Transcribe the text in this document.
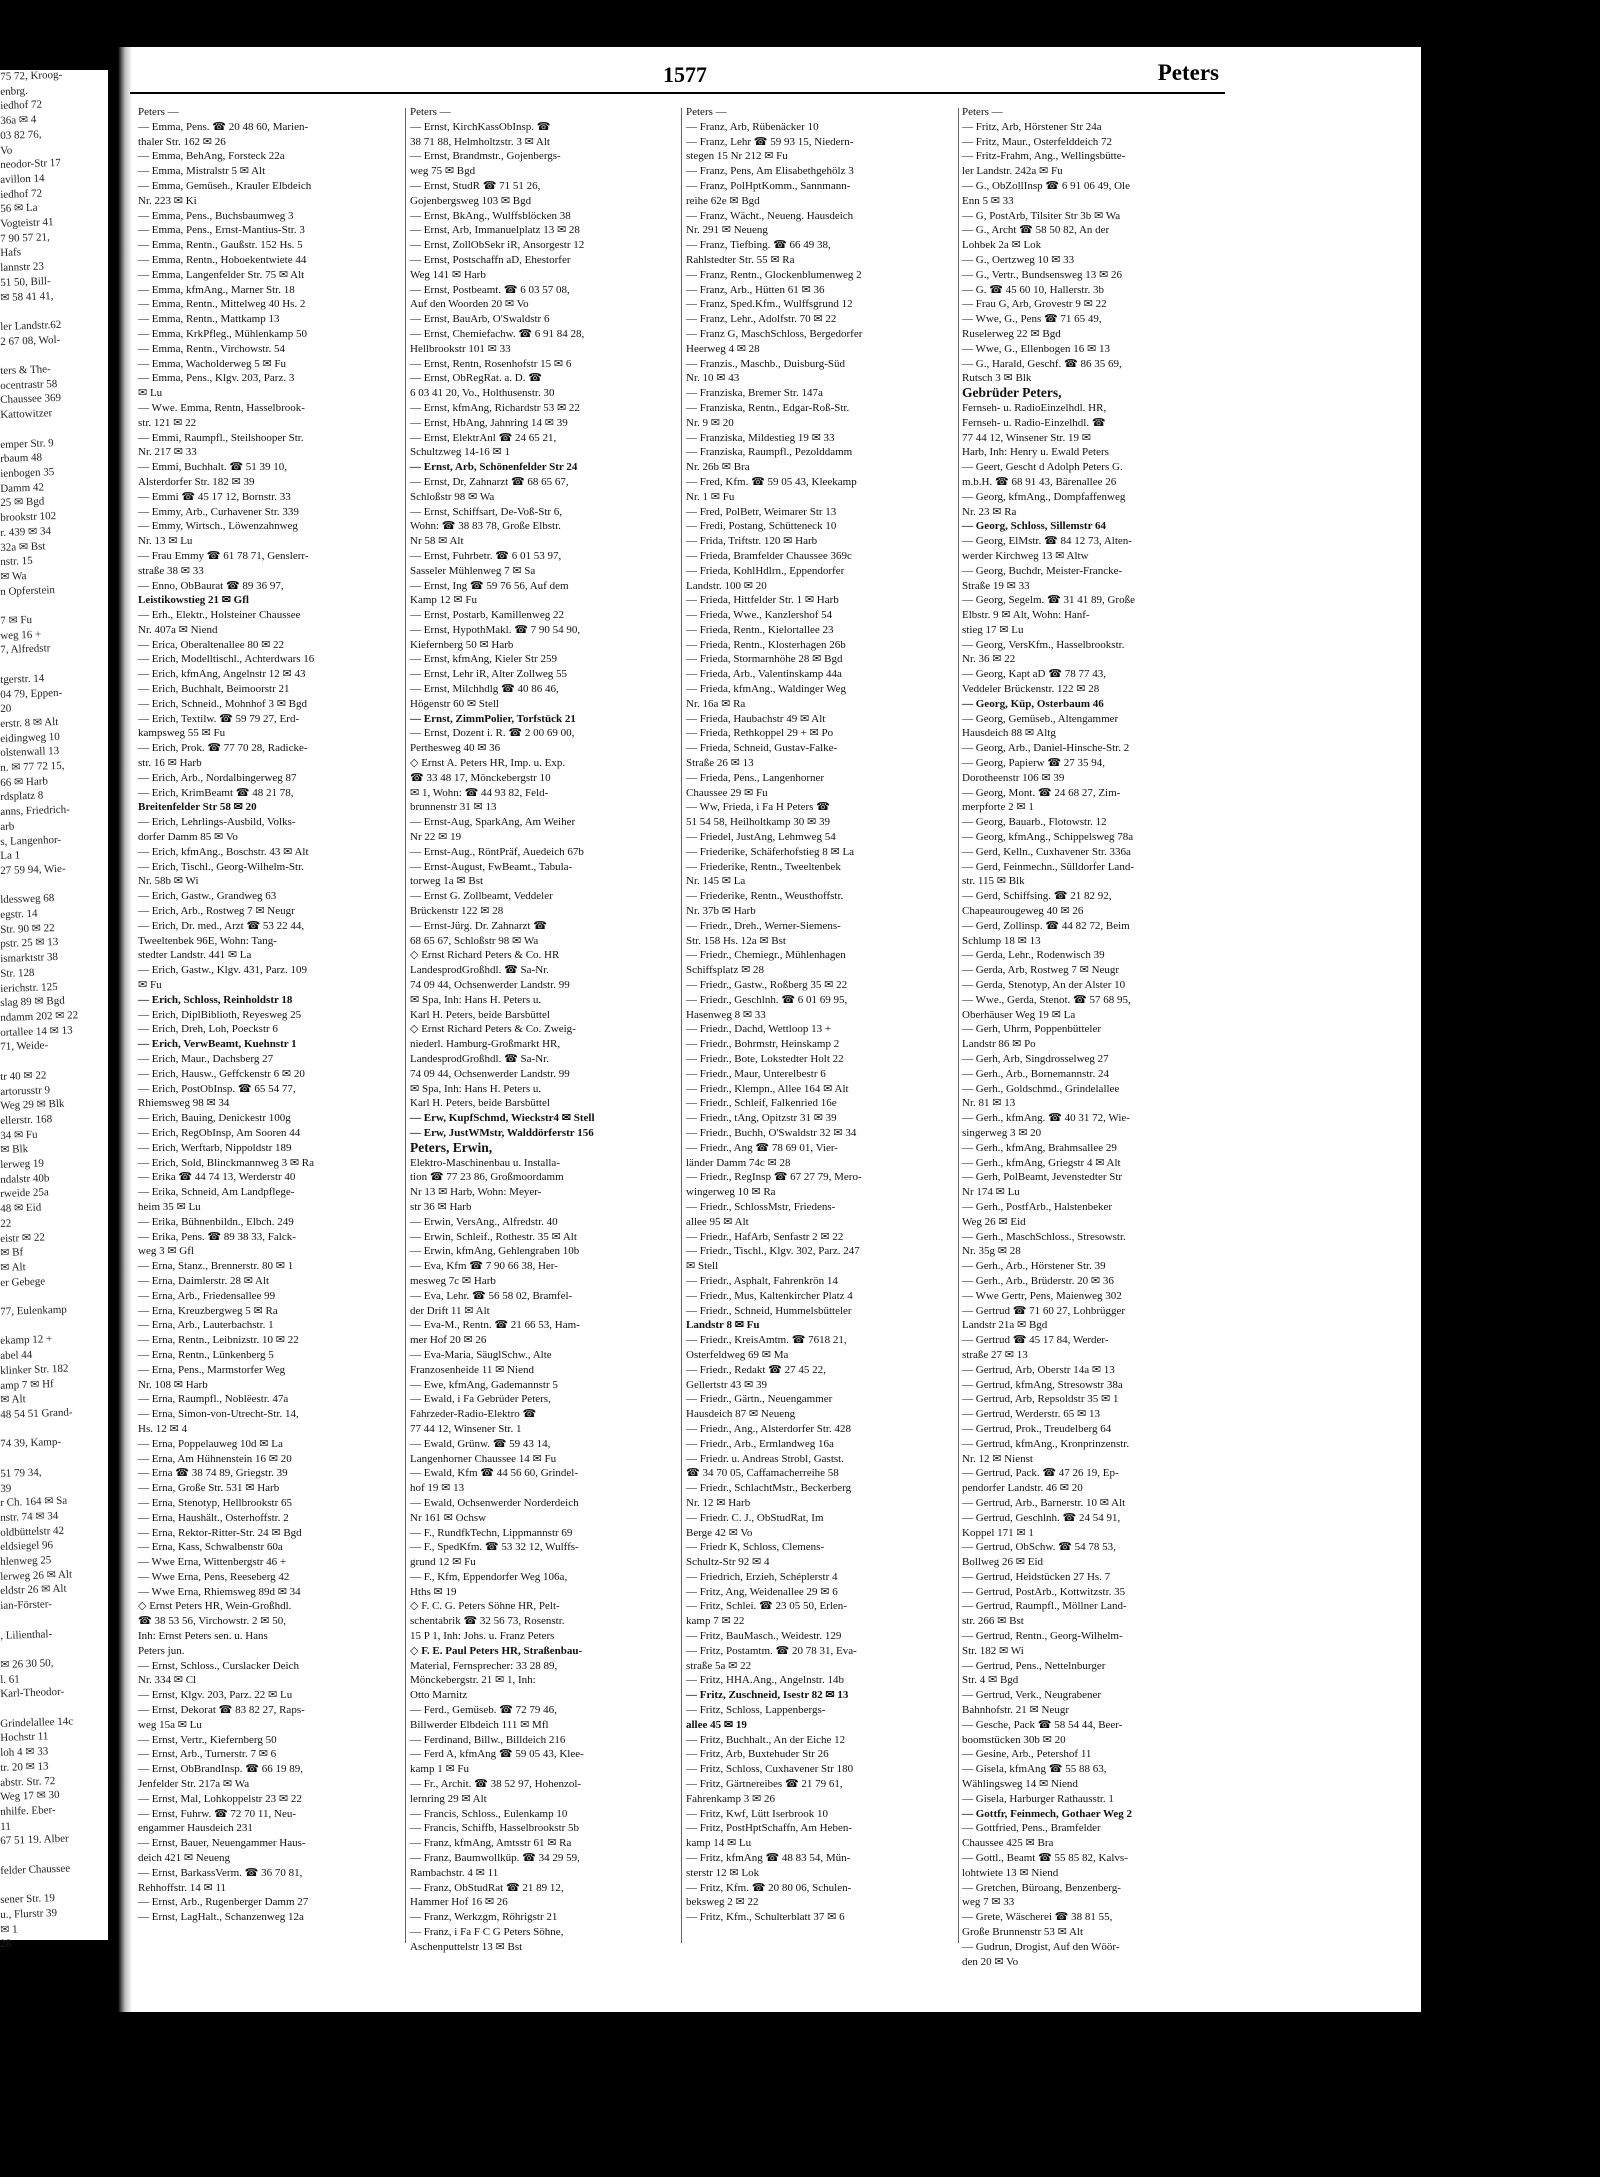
75 72, Kroog-
enbrg.
iedhof 72
36a ✉ 4
03 82 76,
Vo
neodor-Str 17
avillon 14
iedhof 72
56 ✉ La
Vogteistr 41
7 90 57 21,
Hafs
lannstr 23
51 50, Bill-
✉ 58 41 41,

ler Landstr.62
2 67 08, Wol-

ters & The-
ocentrastr 58
Chaussee 369
Kattowitzer

emper Str. 9
rbaum 48
ienbogen 35
Damm 42
25 ✉ Bgd
brookstr 102
r. 439 ✉ 34
32a ✉ Bst
nstr. 15
✉ Wa
n Opferstein

7 ✉ Fu
weg 16 +
7, Alfredstr

tgerstr. 14
04 79, Eppen-
20
erstr. 8 ✉ Alt
eidingweg 10
olstenwall 13
n. ✉ 77 72 15,
66 ✉ Harb
rdsplatz 8
anns, Friedrich-
arb
s, Langenhor-
La 1
27 59 94, Wie-

ldessweg 68
egstr. 14
Str. 90 ✉ 22
pstr. 25 ✉ 13
ismarktstr 38
Str. 128
ierichstr. 125
slag 89 ✉ Bgd
ndamm 202 ✉ 22
ortallee 14 ✉ 13
71, Weide-

tr 40 ✉ 22
artorusstr 9
Weg 29 ✉ Blk
ellerstr. 168
34 ✉ Fu
✉ Blk
lerweg 19
ndalstr 40b
rweide 25a
48 ✉ Eid
22
eistr ✉ 22
✉ Bf
✉ Alt
er Gebege

77, Eulenkamp

ekamp 12 +
abel 44
klinker Str. 182
amp 7 ✉ Hf
✉ Alt
48 54 51 Grand-

74 39, Kamp-

51 79 34,
39
r Ch. 164 ✉ Sa
nstr. 74 ✉ 34
oldbüttelstr 42
eldsiegel 96
hlenweg 25
lerweg 26 ✉ Alt
eldstr 26 ✉ Alt
ian-Förster-

, Lilienthal-

✉ 26 30 50,
l. 61
Karl-Theodor-

Grindelallee 14c
Hochstr 11
loh 4 ✉ 33
tr. 20 ✉ 13
abstr. Str. 72
Weg 17 ✉ 30
nhilfe. Eber-
11
67 51 19. Alber

felder Chaussee

sener Str. 19
u., Flurstr 39
✉ 1
28
1577	Peters
Peters —
— Emma, Pens. ☎ 20 48 60, Marien-
thaler Str. 162 ✉ 26
— Emma, BehAng, Forsteck 22a
— Emma, Mistralstr 5 ✉ Alt
— Emma, Gemüseh., Krauler Elbdeich
Nr. 223 ✉ Ki
— Emma, Pens., Buchsbaumweg 3
— Emma, Pens., Ernst-Mantius-Str. 3
— Emma, Rentn., Gaußstr. 152 Hs. 5
— Emma, Rentn., Hoboekentwiete 44
— Emma, Langenfelder Str. 75 ✉ Alt
— Emma, kfmAng., Marner Str. 18
— Emma, Rentn., Mittelweg 40 Hs. 2
— Emma, Rentn., Mattkamp 13
— Emma, KrkPfleg., Mühlenkamp 50
— Emma, Rentn., Virchowstr. 54
— Emma, Wacholderweg 5 ✉ Fu
— Emma, Pens., Klgv. 203, Parz. 3
✉ Lu
— Wwe. Emma, Rentn, Hasselbrook-
str. 121 ✉ 22
— Emmi, Raumpfl., Steilshooper Str.
Nr. 217 ✉ 33
— Emmi, Buchhalt. ☎ 51 39 10,
Alsterdorfer Str. 182 ✉ 39
— Emmi ☎ 45 17 12, Bornstr. 33
— Emmy, Arb., Curhavener Str. 339
— Emmy, Wirtsch., Löwenzahnweg
Nr. 13 ✉ Lu
— Frau Emmy ☎ 61 78 71, Genslerr-
straße 38 ✉ 33
— Enno, ObBaurat ☎ 89 36 97,
Leistikowstieg 21 ✉ Gfl
— Erh., Elektr., Holsteiner Chaussee
Nr. 407a ✉ Niend
— Erica, Oberaltenallee 80 ✉ 22
— Erich, Modelltischl., Achterdwars 16
— Erich, kfmAng, Angelnstr 12 ✉ 43
— Erich, Buchhalt, Beimoorstr 21
— Erich, Schneid., Mohnhof 3 ✉ Bgd
— Erich, Textilw. ☎ 59 79 27, Erd-
kampsweg 55 ✉ Fu
— Erich, Prok. ☎ 77 70 28, Radicke-
str. 16 ✉ Harb
— Erich, Arb., Nordalbingerweg 87
— Erich, KrimBeamt ☎ 48 21 78,
Breitenfelder Str 58 ✉ 20
— Erich, Lehrlings-Ausbild, Volks-
dorfer Damm 85 ✉ Vo
— Erich, kfmAng., Boschstr. 43 ✉ Alt
— Erich, Tischl., Georg-Wilhelm-Str.
Nr. 58b ✉ Wi
— Erich, Gastw., Grandweg 63
— Erich, Arb., Rostweg 7 ✉ Neugr
— Erich, Dr. med., Arzt ☎ 53 22 44,
Tweeltenbek 96E, Wohn: Tang-
stedter Landstr. 441 ✉ La
— Erich, Gastw., Klgv. 431, Parz. 109
✉ Fu
— Erich, Schloss, Reinholdstr 18
— Erich, DiplBiblioth, Reyesweg 25
— Erich, Dreh, Loh, Poeckstr 6
— Erich, VerwBeamt, Kuehnstr 1
— Erich, Maur., Dachsberg 27
— Erich, Hausw., Geffckenstr 6 ✉ 20
— Erich, PostObInsp. ☎ 65 54 77,
Rhiemsweg 98 ✉ 34
— Erich, Bauing, Denickestr 100g
— Erich, RegObInsp, Am Sooren 44
— Erich, Werftarb, Nippoldstr 189
— Erich, Sold, Blinckmannweg 3 ✉ Ra
— Erika ☎ 44 74 13, Werderstr 40
— Erika, Schneid, Am Landpflege-
heim 35 ✉ Lu
— Erika, Bühnenbildn., Elbch. 249
— Erika, Pens. ☎ 89 38 33, Falck-
weg 3 ✉ Gfl
— Erna, Stanz., Brennerstr. 80 ✉ 1
— Erna, Daimlerstr. 28 ✉ Alt
— Erna, Arb., Friedensallee 99
— Erna, Kreuzbergweg 5 ✉ Ra
— Erna, Arb., Lauterbachstr. 1
— Erna, Rentn., Leibnizstr. 10 ✉ 22
— Erna, Rentn., Lünkenberg 5
— Erna, Pens., Marmstorfer Weg
Nr. 108 ✉ Harb
— Erna, Raumpfl., Noblëestr. 47a
— Erna, Simon-von-Utrecht-Str. 14,
Hs. 12 ✉ 4
— Erna, Poppelauweg 10d ✉ La
— Erna, Am Hühnenstein 16 ✉ 20
— Erna ☎ 38 74 89, Griegstr. 39
— Erna, Große Str. 531 ✉ Harb
— Erna, Stenotyp, Hellbrookstr 65
— Erna, Haushält., Osterhoffstr. 2
— Erna, Rektor-Ritter-Str. 24 ✉ Bgd
— Erna, Kass, Schwalbenstr 60a
— Wwe Erna, Wittenbergstr 46 +
— Wwe Erna, Pens, Reeseberg 42
— Wwe Erna, Rhiemsweg 89d ✉ 34
◇ Ernst Peters HR, Wein-Großhdl.
☎ 38 53 56, Virchowstr. 2 ✉ 50,
Inh: Ernst Peters sen. u. Hans
Peters jun.
— Ernst, Schloss., Curslacker Deich
Nr. 334 ✉ Cl
— Ernst, Klgv. 203, Parz. 22 ✉ Lu
— Ernst, Dekorat ☎ 83 82 27, Raps-
weg 15a ✉ Lu
— Ernst, Vertr., Kiefernberg 50
— Ernst, Arb., Turnerstr. 7 ✉ 6
— Ernst, ObBrandInsp. ☎ 66 19 89,
Jenfelder Str. 217a ✉ Wa
— Ernst, Mal, Lohkoppelstr 23 ✉ 22
— Ernst, Fuhrw. ☎ 72 70 11, Neu-
engammer Hausdeich 231
— Ernst, Bauer, Neuengammer Haus-
deich 421 ✉ Neueng
— Ernst, BarkassVerm. ☎ 36 70 81,
Rehhoffstr. 14 ✉ 11
— Ernst, Arb., Rugenberger Damm 27
— Ernst, LagHalt., Schanzenweg 12a
Peters —
— Ernst, KirchKassObInsp. ☎
38 71 88, Helmholtzstr. 3 ✉ Alt
— Ernst, Brandmstr., Gojenbergs-
weg 75 ✉ Bgd
— Ernst, StudR ☎ 71 51 26,
Gojenbergsweg 103 ✉ Bgd
— Ernst, BkAng., Wulffsblöcken 38
— Ernst, Arb, Immanuelplatz 13 ✉ 28
— Ernst, ZollObSekr iR, Ansorgestr 12
— Ernst, Postschaffn aD, Ehestorfer
Weg 141 ✉ Harb
— Ernst, Postbeamt. ☎ 6 03 57 08,
Auf den Woorden 20 ✉ Vo
— Ernst, BauArb, O'Swaldstr 6
— Ernst, Chemiefachw. ☎ 6 91 84 28,
Hellbrookstr 101 ✉ 33
— Ernst, Rentn, Rosenhofstr 15 ✉ 6
— Ernst, ObRegRat. a. D. ☎
6 03 41 20, Vo., Holthusenstr. 30
— Ernst, kfmAng, Richardstr 53 ✉ 22
— Ernst, HbAng, Jahnring 14 ✉ 39
— Ernst, ElektrAnl ☎ 24 65 21,
Schultzweg 14-16 ✉ 1
— Ernst, Arb, Schönenfelder Str 24
— Ernst, Dr, Zahnarzt ☎ 68 65 67,
Schloßstr 98 ✉ Wa
— Ernst, Schiffsart, De-Voß-Str 6,
Wohn: ☎ 38 83 78, Große Elbstr.
Nr 58 ✉ Alt
— Ernst, Fuhrbetr. ☎ 6 01 53 97,
Sasseler Mühlenweg 7 ✉ Sa
— Ernst, Ing ☎ 59 76 56, Auf dem
Kamp 12 ✉ Fu
— Ernst, Postarb, Kamillenweg 22
— Ernst, HypothMakl. ☎ 7 90 54 90,
Kiefernberg 50 ✉ Harb
— Ernst, kfmAng, Kieler Str 259
— Ernst, Lehr iR, Alter Zollweg 55
— Ernst, Milchhdlg ☎ 40 86 46,
Högenstr 60 ✉ Stell
— Ernst, ZimmPolier, Torfstück 21
— Ernst, Dozent i. R. ☎ 2 00 69 00,
Perthesweg 40 ✉ 36
◇ Ernst A. Peters HR, Imp. u. Exp.
☎ 33 48 17, Mönckebergstr 10
✉ 1, Wohn: ☎ 44 93 82, Feld-
brunnenstr 31 ✉ 13
— Ernst-Aug, SparkAng, Am Weiher
Nr 22 ✉ 19
— Ernst-Aug., RöntPräf, Auedeich 67b
— Ernst-August, FwBeamt., Tabula-
torweg 1a ✉ Bst
— Ernst G. Zollbeamt, Veddeler
Brückenstr 122 ✉ 28
— Ernst-Jürg. Dr. Zahnarzt ☎
68 65 67, Schloßstr 98 ✉ Wa
◇ Ernst Richard Peters & Co. HR
LandesprodGroßhdl. ☎ Sa-Nr.
74 09 44, Ochsenwerder Landstr. 99
✉ Spa, Inh: Hans H. Peters u.
Karl H. Peters, beide Barsbüttel
◇ Ernst Richard Peters & Co. Zweig-
niederl. Hamburg-Großmarkt HR,
LandesprodGroßhdl. ☎ Sa-Nr.
74 09 44, Ochsenwerder Landstr. 99
✉ Spa, Inh: Hans H. Peters u.
Karl H. Peters, beide Barsbüttel
— Erw, KupfSchmd, Wieckstr4 ✉ Stell
— Erw, JustWMstr, Walddörferstr 156
Peters, Erwin,
Elektro-Maschinenbau u. Installa-
tion ☎ 77 23 86, Großmoordamm
Nr 13 ✉ Harb, Wohn: Meyer-
str 36 ✉ Harb
— Erwin, VersAng., Alfredstr. 40
— Erwin, Schleif., Rothestr. 35 ✉ Alt
— Erwin, kfmAng, Gehlengraben 10b
— Eva, Kfm ☎ 7 90 66 38, Her-
mesweg 7c ✉ Harb
— Eva, Lehr. ☎ 56 58 02, Bramfel-
der Drift 11 ✉ Alt
— Eva-M., Rentn. ☎ 21 66 53, Ham-
mer Hof 20 ✉ 26
— Eva-Maria, SäuglSchw., Alte
Franzosenheide 11 ✉ Niend
— Ewe, kfmAng, Gademannstr 5
— Ewald, i Fa Gebrüder Peters,
Fahrzeder-Radio-Elektro ☎
77 44 12, Winsener Str. 1
— Ewald, Grünw. ☎ 59 43 14,
Langenhorner Chaussee 14 ✉ Fu
— Ewald, Kfm ☎ 44 56 60, Grindel-
hof 19 ✉ 13
— Ewald, Ochsenwerder Norderdeich
Nr 161 ✉ Ochsw
— F., RundfkTechn, Lippmannstr 69
— F., SpedKfm. ☎ 53 32 12, Wulffs-
grund 12 ✉ Fu
— F., Kfm, Eppendorfer Weg 106a,
Hths ✉ 19
◇ F. C. G. Peters Söhne HR, Pelt-
schentabrik ☎ 32 56 73, Rosenstr.
15 P 1, Inh: Johs. u. Franz Peters
◇ F. E. Paul Peters HR, Straßenbau-
Material, Fernsprecher: 33 28 89,
Mönckebergstr. 21 ✉ 1, Inh:
Otto Marnitz
— Ferd., Gemüseb. ☎ 72 79 46,
Billwerder Elbdeich 111 ✉ Mfl
— Ferdinand, Billw., Billdeich 216
— Ferd A, kfmAng ☎ 59 05 43, Klee-
kamp 1 ✉ Fu
— Fr., Archit. ☎ 38 52 97, Hohenzol-
lernring 29 ✉ Alt
— Francis, Schloss., Eulenkamp 10
— Francis, Schiffb, Hasselbrookstr 5b
— Franz, kfmAng, Amtsstr 61 ✉ Ra
— Franz, Baumwollküp. ☎ 34 29 59,
Rambachstr. 4 ✉ 11
— Franz, ObStudRat ☎ 21 89 12,
Hammer Hof 16 ✉ 26
— Franz, Werkzgm, Röhrigstr 21
— Franz, i Fa F C G Peters Söhne,
Aschenputtelstr 13 ✉ Bst
Peters —
— Franz, Arb, Rübenäcker 10
— Franz, Lehr ☎ 59 93 15, Niedern-
stegen 15 Nr 212 ✉ Fu
— Franz, Pens, Am Elisabethgehölz 3
— Franz, PolHptKomm., Sannmann-
reihe 62e ✉ Bgd
— Franz, Wächt., Neueng. Hausdeich
Nr. 291 ✉ Neueng
— Franz, Tiefbing. ☎ 66 49 38,
Rahlstedter Str. 55 ✉ Ra
— Franz, Rentn., Glockenblumenweg 2
— Franz, Arb., Hütten 61 ✉ 36
— Franz, Sped.Kfm., Wulffsgrund 12
— Franz, Lehr., Adolfstr. 70 ✉ 22
— Franz G, MaschSchloss, Bergedorfer
Heerweg 4 ✉ 28
— Franzis., Maschb., Duisburg-Süd
Nr. 10 ✉ 43
— Franziska, Bremer Str. 147a
— Franziska, Rentn., Edgar-Roß-Str.
Nr. 9 ✉ 20
— Franziska, Mildestieg 19 ✉ 33
— Franziska, Raumpfl., Pezolddamm
Nr. 26b ✉ Bra
— Fred, Kfm. ☎ 59 05 43, Kleekamp
Nr. 1 ✉ Fu
— Fred, PolBetr, Weimarer Str 13
— Fredi, Postang, Schütteneck 10
— Frida, Triftstr. 120 ✉ Harb
— Frieda, Bramfelder Chaussee 369c
— Frieda, KohlHdlrn., Eppendorfer
Landstr. 100 ✉ 20
— Frieda, Hittfelder Str. 1 ✉ Harb
— Frieda, Wwe., Kanzlershof 54
— Frieda, Rentn., Kielortallee 23
— Frieda, Rentn., Klosterhagen 26b
— Frieda, Stormarnhöhe 28 ✉ Bgd
— Frieda, Arb., Valentinskamp 44a
— Frieda, kfmAng., Waldinger Weg
Nr. 16a ✉ Ra
— Frieda, Haubachstr 49 ✉ Alt
— Frieda, Rethkoppel 29 + ✉ Po
— Frieda, Schneid, Gustav-Falke-
Straße 26 ✉ 13
— Frieda, Pens., Langenhorner
Chaussee 29 ✉ Fu
— Ww, Frieda, i Fa H Peters ☎
51 54 58, Heilholtkamp 30 ✉ 39
— Friedel, JustAng, Lehmweg 54
— Friederike, Schäferhofstieg 8 ✉ La
— Friederike, Rentn., Tweeltenbek
Nr. 145 ✉ La
— Friederike, Rentn., Weusthoffstr.
Nr. 37b ✉ Harb
— Friedr., Dreh., Werner-Siemens-
Str. 158 Hs. 12a ✉ Bst
— Friedr., Chemiegr., Mühlenhagen
Schiffsplatz ✉ 28
— Friedr., Gastw., Roßberg 35 ✉ 22
— Friedr., Geschlnh. ☎ 6 01 69 95,
Hasenweg 8 ✉ 33
— Friedr., Dachd, Wettloop 13 +
— Friedr., Bohrmstr, Heinskamp 2
— Friedr., Bote, Lokstedter Holt 22
— Friedr., Maur, Unterelbestr 6
— Friedr., Klempn., Allee 164 ✉ Alt
— Friedr., Schleif, Falkenried 16e
— Friedr., tAng, Opitzstr 31 ✉ 39
— Friedr., Buchh, O'Swaldstr 32 ✉ 34
— Friedr., Ang ☎ 78 69 01, Vier-
länder Damm 74c ✉ 28
— Friedr., RegInsp ☎ 67 27 79, Mero-
wingerweg 10 ✉ Ra
— Friedr., SchlossMstr, Friedens-
allee 95 ✉ Alt
— Friedr., HafArb, Senfastr 2 ✉ 22
— Friedr., Tischl., Klgv. 302, Parz. 247
✉ Stell
— Friedr., Asphalt, Fahrenkrön 14
— Friedr., Mus, Kaltenkircher Platz 4
— Friedr., Schneid, Hummelsbütteler
Landstr 8 ✉ Fu
— Friedr., KreisAmtm. ☎ 7618 21,
Osterfeldweg 69 ✉ Ma
— Friedr., Redakt ☎ 27 45 22,
Gellertstr 43 ✉ 39
— Friedr., Gärtn., Neuengammer
Hausdeich 87 ✉ Neueng
— Friedr., Ang., Alsterdorfer Str. 428
— Friedr., Arb., Ermlandweg 16a
— Friedr. u. Andreas Strobl, Gastst.
☎ 34 70 05, Caffamacherreihe 58
— Friedr., SchlachtMstr., Beckerberg
Nr. 12 ✉ Harb
— Friedr. C. J., ObStudRat, Im
Berge 42 ✉ Vo
— Friedr K, Schloss, Clemens-
Schultz-Str 92 ✉ 4
— Friedrich, Erzieh, Schéplerstr 4
— Fritz, Ang, Weidenallee 29 ✉ 6
— Fritz, Schlei. ☎ 23 05 50, Erlen-
kamp 7 ✉ 22
— Fritz, BauMasch., Weidestr. 129
— Fritz, Postamtm. ☎ 20 78 31, Eva-
straße 5a ✉ 22
— Fritz, HHA.Ang., Angelnstr. 14b
— Fritz, Zuschneid, Isestr 82 ✉ 13
— Fritz, Schloss, Lappenbergs-
allee 45 ✉ 19
— Fritz, Buchhalt., An der Eiche 12
— Fritz, Arb, Buxtehuder Str 26
— Fritz, Schloss, Cuxhavener Str 180
— Fritz, Gärtnereibes ☎ 21 79 61,
Fahrenkamp 3 ✉ 26
— Fritz, Kwf, Lütt Iserbrook 10
— Fritz, PostHptSchaffn, Am Heben-
kamp 14 ✉ Lu
— Fritz, kfmAng ☎ 48 83 54, Mün-
sterstr 12 ✉ Lok
— Fritz, Kfm. ☎ 20 80 06, Schulen-
beksweg 2 ✉ 22
— Fritz, Kfm., Schulterblatt 37 ✉ 6
Peters —
— Fritz, Arb, Hörstener Str 24a
— Fritz, Maur., Osterfelddeich 72
— Fritz-Frahm, Ang., Wellingsbütte-
ler Landstr. 242a ✉ Fu
— G., ObZollInsp ☎ 6 91 06 49, Ole
Enn 5 ✉ 33
— G, PostArb, Tilsiter Str 3b ✉ Wa
— G., Archt ☎ 58 50 82, An der
Lohbek 2a ✉ Lok
— G., Oertzweg 10 ✉ 33
— G., Vertr., Bundsensweg 13 ✉ 26
— G. ☎ 45 60 10, Hallerstr. 3b
— Frau G, Arb, Grovestr 9 ✉ 22
— Wwe, G., Pens ☎ 71 65 49,
Ruselerweg 22 ✉ Bgd
— Wwe, G., Ellenbogen 16 ✉ 13
— G., Harald, Geschf. ☎ 86 35 69,
Rutsch 3 ✉ Blk
Gebrüder Peters,
Fernseh- u. RadioEinzelhdl. HR,
Fernseh- u. Radio-Einzelhdl. ☎
77 44 12, Winsener Str. 19 ✉
Harb, Inh: Henry u. Ewald Peters
— Geert, Gescht d Adolph Peters G.
m.b.H. ☎ 68 91 43, Bärenallee 26
— Georg, kfmAng., Dompfaffenweg
Nr. 23 ✉ Ra
— Georg, Schloss, Sillemstr 64
— Georg, ElMstr. ☎ 84 12 73, Alten-
werder Kirchweg 13 ✉ Altw
— Georg, Buchdr, Meister-Francke-
Straße 19 ✉ 33
— Georg, Segelm. ☎ 31 41 89, Große
Elbstr. 9 ✉ Alt, Wohn: Hanf-
stieg 17 ✉ Lu
— Georg, VersKfm., Hasselbrookstr.
Nr. 36 ✉ 22
— Georg, Kapt aD ☎ 78 77 43,
Veddeler Brückenstr. 122 ✉ 28
— Georg, Küp, Osterbaum 46
— Georg, Gemüseb., Altengammer
Hausdeich 88 ✉ Altg
— Georg, Arb., Daniel-Hinsche-Str. 2
— Georg, Papierw ☎ 27 35 94,
Dorotheenstr 106 ✉ 39
— Georg, Mont. ☎ 24 68 27, Zim-
merpforte 2 ✉ 1
— Georg, Bauarb., Flotowstr. 12
— Georg, kfmAng., Schippelsweg 78a
— Gerd, Kelln., Cuxhavener Str. 336a
— Gerd, Feinmechn., Sülldorfer Land-
str. 115 ✉ Blk
— Gerd, Schiffsing. ☎ 21 82 92,
Chapeaurougeweg 40 ✉ 26
— Gerd, Zollinsp. ☎ 44 82 72, Beim
Schlump 18 ✉ 13
— Gerda, Lehr., Rodenwisch 39
— Gerda, Arb, Rostweg 7 ✉ Neugr
— Gerda, Stenotyp, An der Alster 10
— Wwe., Gerda, Stenot. ☎ 57 68 95,
Oberhäuser Weg 19 ✉ La
— Gerh, Uhrm, Poppenbütteler
Landstr 86 ✉ Po
— Gerh, Arb, Singdrosselweg 27
— Gerh., Arb., Bornemannstr. 24
— Gerh., Goldschmd., Grindelallee
Nr. 81 ✉ 13
— Gerh., kfmAng. ☎ 40 31 72, Wie-
singerweg 3 ✉ 20
— Gerh., kfmAng, Brahmsallee 29
— Gerh., kfmAng, Griegstr 4 ✉ Alt
— Gerh, PolBeamt, Jevenstedter Str
Nr 174 ✉ Lu
— Gerh., PostfArb., Halstenbeker
Weg 26 ✉ Eid
— Gerh., MaschSchloss., Stresowstr.
Nr. 35g ✉ 28
— Gerh., Arb., Hörstener Str. 39
— Gerh., Arb., Brüderstr. 20 ✉ 36
— Wwe Gertr, Pens, Maienweg 302
— Gertrud ☎ 71 60 27, Lohbrügger
Landstr 21a ✉ Bgd
— Gertrud ☎ 45 17 84, Werder-
straße 27 ✉ 13
— Gertrud, Arb, Oberstr 14a ✉ 13
— Gertrud, kfmAng, Stresowstr 38a
— Gertrud, Arb, Repsoldstr 35 ✉ 1
— Gertrud, Werderstr. 65 ✉ 13
— Gertrud, Prok., Treudelberg 64
— Gertrud, kfmAng., Kronprinzenstr.
Nr. 12 ✉ Nienst
— Gertrud, Pack. ☎ 47 26 19, Ep-
pendorfer Landstr. 46 ✉ 20
— Gertrud, Arb., Barnerstr. 10 ✉ Alt
— Gertrud, Geschlnh. ☎ 24 54 91,
Koppel 171 ✉ 1
— Gertrud, ObSchw. ☎ 54 78 53,
Bollweg 26 ✉ Eid
— Gertrud, Heidstücken 27 Hs. 7
— Gertrud, PostArb., Kottwitzstr. 35
— Gertrud, Raumpfl., Möllner Land-
str. 266 ✉ Bst
— Gertrud, Rentn., Georg-Wilhelm-
Str. 182 ✉ Wi
— Gertrud, Pens., Nettelnburger
Str. 4 ✉ Bgd
— Gertrud, Verk., Neugrabener
Bahnhofstr. 21 ✉ Neugr
— Gesche, Pack ☎ 58 54 44, Beer-
boomstücken 30b ✉ 20
— Gesine, Arb., Petershof 11
— Gisela, kfmAng ☎ 55 88 63,
Wählingsweg 14 ✉ Niend
— Gisela, Harburger Rathausstr. 1
— Gottfr, Feinmech, Gothaer Weg 2
— Gottfried, Pens., Bramfelder
Chaussee 425 ✉ Bra
— Gottl., Beamt ☎ 55 85 82, Kalvs-
lohtwiete 13 ✉ Niend
— Gretchen, Büroang, Benzenberg-
weg 7 ✉ 33
— Grete, Wäscherei ☎ 38 81 55,
Große Brunnenstr 53 ✉ Alt
— Gudrun, Drogist, Auf den Wöör-
den 20 ✉ Vo
